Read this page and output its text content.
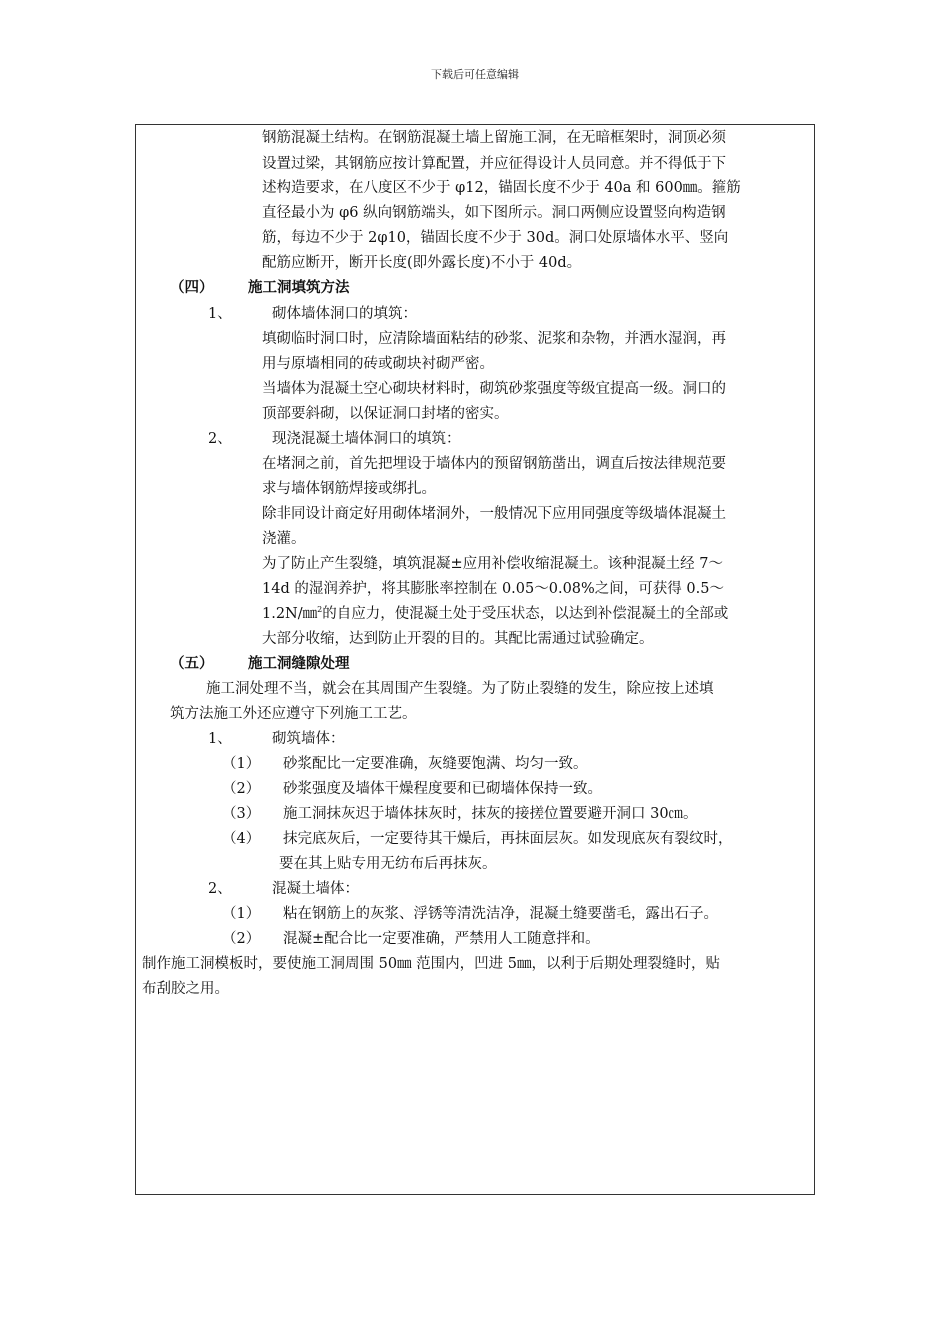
下载后可任意编辑
钢筋混凝土结构。在钢筋混凝土墙上留施工洞，在无暗框架时，洞顶必须
设置过梁，其钢筋应按计算配置，并应征得设计人员同意。并不得低于下
述构造要求，在八度区不少于 φ12，锚固长度不少于 40a 和 600㎜。箍筋
直径最小为 φ6 纵向钢筋端头，如下图所示。洞口两侧应设置竖向构造钢
筋，每边不少于 2φ10，锚固长度不少于 30d。洞口处原墙体水平、竖向
配筋应断开，断开长度(即外露长度)不小于 40d。
（四） 施工洞填筑方法
1、	砌体墙体洞口的填筑：
填砌临时洞口时，应清除墙面粘结的砂浆、泥浆和杂物，并洒水湿润，再
用与原墙相同的砖或砌块衬砌严密。
当墙体为混凝土空心砌块材料时，砌筑砂浆强度等级宜提高一级。洞口的
顶部要斜砌，以保证洞口封堵的密实。
2、	现浇混凝土墙体洞口的填筑：
在堵洞之前，首先把埋设于墙体内的预留钢筋凿出，调直后按法律规范要
求与墙体钢筋焊接或绑扎。
除非同设计商定好用砌体堵洞外，一般情况下应用同强度等级墙体混凝土
浇灌。
为了防止产生裂缝，填筑混凝±应用补偿收缩混凝土。该种混凝土经 7～
14d 的湿润养护，将其膨胀率控制在 0.05～0.08%之间，可获得 0.5～
1.2N/㎜$^2$的自应力，使混凝土处于受压状态，以达到补偿混凝土的全部或
大部分收缩，达到防止开裂的目的。其配比需通过试验确定。
（五） 施工洞缝隙处理
施工洞处理不当，就会在其周围产生裂缝。为了防止裂缝的发生，除应按上述填
筑方法施工外还应遵守下列施工工艺。
1、	砌筑墙体：
（1） 砂浆配比一定要准确，灰缝要饱满、均匀一致。
（2） 砂浆强度及墙体干燥程度要和已砌墙体保持一致。
（3） 施工洞抹灰迟于墙体抹灰时，抹灰的接搓位置要避开洞口 30㎝。
（4） 抹完底灰后，一定要待其干燥后，再抹面层灰。如发现底灰有裂纹时，
要在其上贴专用无纺布后再抹灰。
2、	混凝土墙体：
（1） 粘在钢筋上的灰浆、浮锈等清洗洁净，混凝土缝要凿毛，露出石子。
（2） 混凝±配合比一定要准确，严禁用人工随意拌和。
制作施工洞模板时，要使施工洞周围 50㎜ 范围内，凹进 5㎜，以利于后期处理裂缝时，贴
布刮胶之用。
